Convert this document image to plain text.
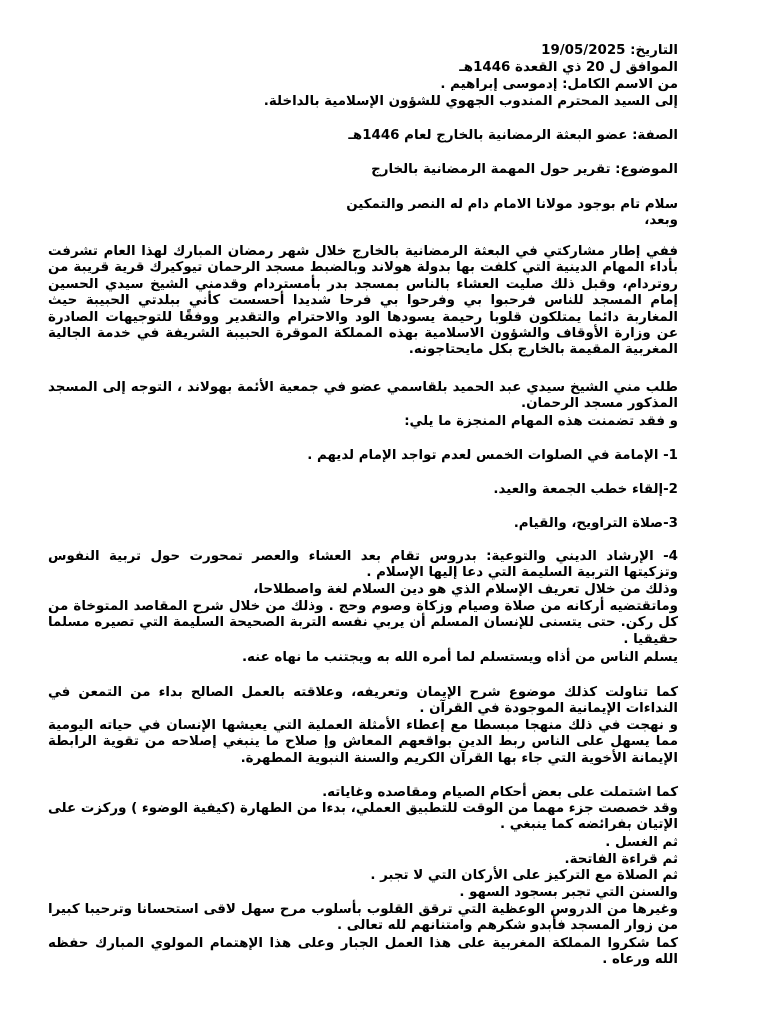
التاريخ: 19/05/2025
الموافق ل 20 ذي القعدة 1446هـ
من الاسم الكامل: إدموسى إبراهيم .
إلى السيد المحترم المندوب الجهوي للشؤون الإسلامية بالداخلة.
الصفة: عضو البعثة الرمضانية بالخارج لعام 1446هـ
الموضوع: تقرير حول المهمة الرمضانية بالخارج
سلام تام بوجود مولانا الامام دام له النصر والتمكين
وبعد،
ففي إطار مشاركتي في البعثة الرمضانية بالخارج خلال شهر رمضان المبارك لهذا العام تشرفت بأداء المهام الدينية التي كلفت بها بدولة هولاند وبالضبط مسجد الرحمان تيوكيرك قرية قريبة من روتردام، وقبل ذلك صليت العشاء بالناس بمسجد بدر بأمستردام وقدمني الشيخ سيدي الحسين إمام المسجد للناس فرحبوا بي وفرحوا بي فرحا شديدا أحسست كأني ببلدتي الحبيبة حيث المغاربة دائما يمتلكون قلوبا رحيمة يسودها الود والاحترام والتقدير ووفقًا للتوجيهات الصادرة عن وزارة الأوقاف والشؤون الاسلامية بهذه المملكة الموقرة الحبيبة الشريفة في خدمة الجالية المغربية المقيمة بالخارج بكل مايحتاجونه.
طلب مني الشيخ سيدي عبد الحميد بلقاسمي عضو في جمعية الأئمة بهولاند ، التوجه إلى المسجد المذكور مسجد الرحمان.
و فقد تضمنت هذه المهام المنجزة ما يلي:
1- الإمامة في الصلوات الخمس لعدم تواجد الإمام لديهم .
2-إلقاء خطب الجمعة والعيد.
3-صلاة التراويح، والقيام.
4- الإرشاد الديني والتوعية: بدروس تقام بعد العشاء والعصر تمحورت حول تربية النفوس وتزكيتها التربية السليمة التي دعا إليها الإسلام .
وذلك من خلال تعريف الإسلام الذي هو دين السلام لغة واصطلاحا،
وماتقتضيه أركانه من صلاة وصيام وزكاة وصوم وحج . وذلك من خلال شرح المقاصد المتوخاة من كل ركن. حتى يتسنى للإنسان المسلم أن يربي نفسه التربة الصحيحة السليمة التي تصيره مسلما حقيقيا .
يسلم الناس من أذاه ويستسلم لما أمره الله به ويجتنب ما نهاه عنه.
كما تناولت كذلك موضوع شرح الإيمان وتعريفه، وعلاقته بالعمل الصالح بداء من التمعن في النداءات الإيمانية الموجودة في القرآن .
و نهجت في ذلك منهجا مبسطا مع إعطاء الأمثلة العملية التي يعيشها الإنسان في حياته اليومية مما يسهل على الناس ربط الدين بواقعهم المعاش وإ صلاح ما ينبغي إصلاحه من تقوية الرابطة الإيمانة الأخوية التي جاء بها القرآن الكريم والسنة النبوية المطهرة.
كما اشتملت على بعض أحكام الصيام ومقاصده وغاياته.
وقد خصصت جزء مهما من الوقت للتطبيق العملي، بدءا من الطهارة (كيفية الوضوء ) وركزت على الإتيان بفرائضه كما ينبغي .
ثم الغسل .
ثم قراءة الفاتحة.
ثم الصلاة مع التركيز على الأركان التي لا تجبر .
والسنن التي تجبر بسجود السهو .
وغيرها من الدروس الوعظية التي ترقق القلوب بأسلوب مرح سهل لاقى استحسانا وترحيبا كبيرا من زوار المسجد فأبدو شكرهم وامتنانهم لله تعالى .
كما شكروا المملكة المغربية على هذا العمل الجبار وعلى هذا الإهتمام المولوي المبارك حفظه الله ورعاه .
